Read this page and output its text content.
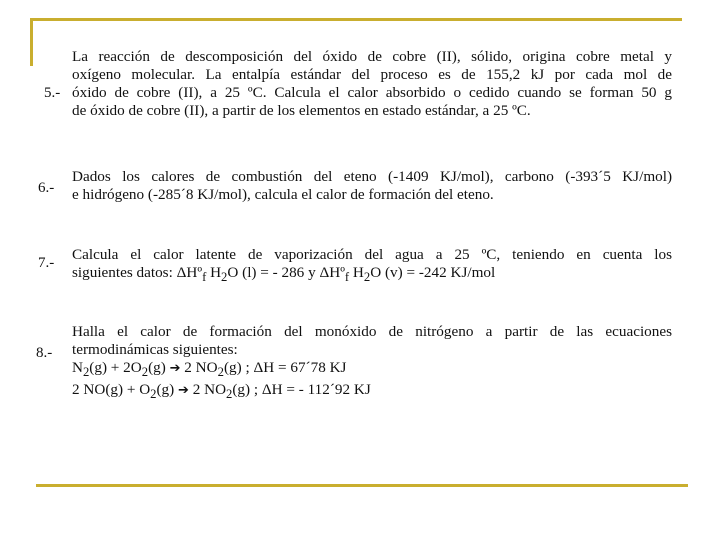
5.-

La reacción de descomposición del óxido de cobre (II), sólido, origina cobre metal y

oxígeno molecular. La entalpía estándar del proceso es de 155,2 kJ por cada mol de

óxido de cobre (II), a 25 ºC. Calcula el calor absorbido o cedido cuando se forman 50 g

de óxido de cobre (II), a partir de los elementos en estado estándar, a 25 ºC.

6.-

Dados los calores de combustión del eteno (-1409 KJ/mol), carbono (-393´5 KJ/mol)

e hidrógeno (-285´8 KJ/mol), calcula el calor de formación del eteno.

7.- Calcula el calor latente de vaporización del agua a 25 ºC, teniendo en cuenta los

siguientes datos: ΔHº$_f$ $H_2O$ (l) = - 286 y ΔHº$_f$ $H_2O$ (v) = -242 KJ/mol

8.-

Halla el calor de formación del monóxido de nitrógeno a partir de las ecuaciones

termodinámicas siguientes:

$N_2(g) + 2O_2(g)$ ➔ 2 $NO_2(g)$ ; ΔH = 67´78 KJ

2 $NO(g) + O_2(g)$ ➔ 2 $NO_2(g)$ ; ΔH = - 112´92 KJ
